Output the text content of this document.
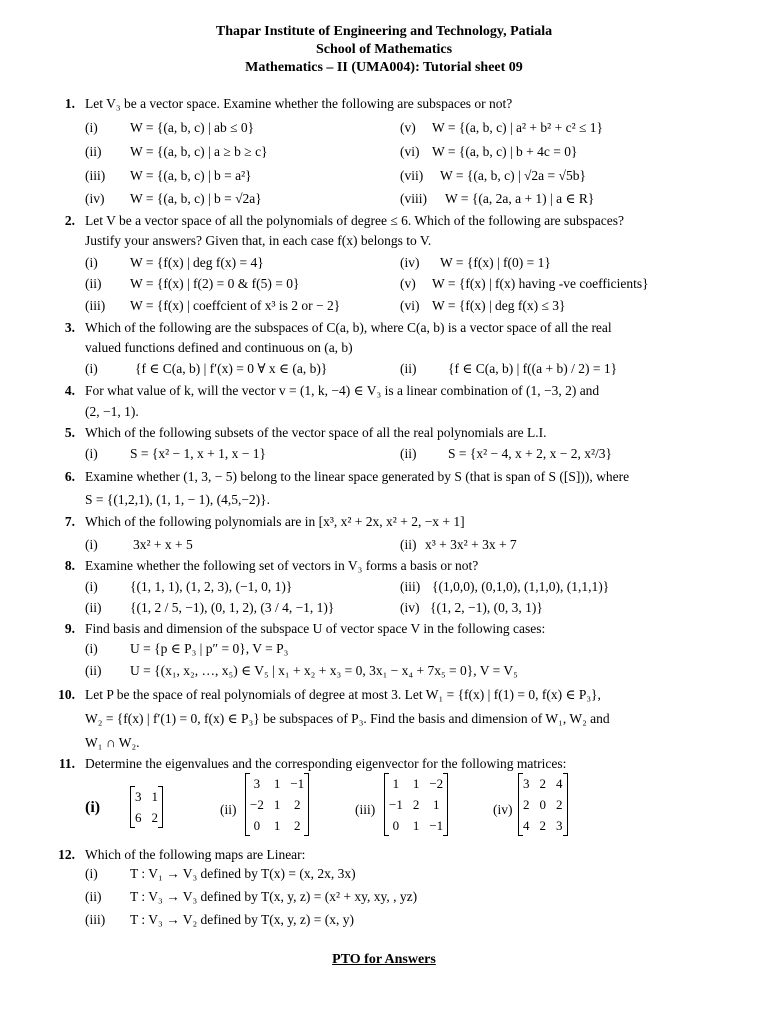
Thapar Institute of Engineering and Technology, Patiala
School of Mathematics
Mathematics – II (UMA004): Tutorial sheet 09
1. Let V₃ be a vector space. Examine whether the following are subspaces or not?
(i) W = {(a, b, c) | ab ≤ 0}
(ii) W = {(a, b, c) | a ≥ b ≥ c}
(iii) W = {(a, b, c) | b = a²}
(iv) W = {(a, b, c) | b = √2a}
(v) W = {(a, b, c) | a² + b² + c² ≤ 1}
(vi) W = {(a, b, c) | b + 4c = 0}
(vii) W = {(a, b, c) | √2a = √5b}
(viii) W = {(a, 2a, a + 1) | a ∈ R}
2. Let V be a vector space of all the polynomials of degree ≤ 6. Which of the following are subspaces?
Justify your answers? Given that, in each case f(x) belongs to V.
(i) W = {f(x) | deg f(x) = 4}
(ii) W = {f(x) | f(2) = 0 & f(5) = 0}
(iii) W = {f(x) | coeffcient of x³ is 2 or − 2}
(iv) W = {f(x) | f(0) = 1}
(v) W = {f(x) | f(x) having -ve coefficients}
(vi) W = {f(x) | deg f(x) ≤ 3}
3. Which of the following are the subspaces of C(a, b), where C(a, b) is a vector space of all the real
valued functions defined and continuous on (a, b)
(i)	{f ∈ C(a, b) | f′(x) = 0 ∀ x ∈ (a, b)}	(ii) {f ∈ C(a, b) | f((a + b) / 2) = 1}
4. For what value of k, will the vector v = (1, k, −4) ∈ V₃ is a linear combination of (1, −3, 2) and
(2, −1, 1).
5. Which of the following subsets of the vector space of all the real polynomials are L.I.
(i) S = {x² − 1, x + 1, x − 1}	(ii) S = {x² − 4, x + 2, x − 2, x²/3}
6. Examine whether (1, 3, − 5) belong to the linear space generated by S (that is span of S ([S])), where
S = {(1,2,1), (1, 1, − 1), (4,5,−2)}.
7. Which of the following polynomials are in [x³, x² + 2x, x² + 2, −x + 1]
(i)	3x² + x + 5	(ii) x³ + 3x² + 3x + 7
8. Examine whether the following set of vectors in V₃ forms a basis or not?
(i) {(1, 1, 1), (1, 2, 3), (−1, 0, 1)}
(ii) {(1, 2 / 5, −1), (0, 1, 2), (3 / 4, −1, 1)}
(iii) {(1,0,0), (0,1,0), (1,1,0), (1,1,1)}
(iv) {(1, 2, −1), (0, 3, 1)}
9. Find basis and dimension of the subspace U of vector space V in the following cases:
(i) U = {p ∈ P₃ | p″ = 0}, V = P₃
(ii) U = {(x₁, x₂, …, x₅) ∈ V₅ | x₁ + x₂ + x₃ = 0, 3x₁ − x₄ + 7x₅ = 0}, V = V₅
10. Let P be the space of real polynomials of degree at most 3. Let W₁ = {f(x) | f(1) = 0, f(x) ∈ P₃},
W₂ = {f(x) | f′(1) = 0, f(x) ∈ P₃} be subspaces of P₃. Find the basis and dimension of W₁, W₂ and
W₁ ∩ W₂.
11. Determine the eigenvalues and the corresponding eigenvector for the following matrices:
(i)	(ii)	(iii)	(iv)
3	1
6	2
3	1	−1
−2	1	2
0	1	2
1	1	−2
−1	2	1
0	1	−1
3	2	4
2	0	2
4	2	3
12. Which of the following maps are Linear:
(i) T : V₁ → V₃ defined by T(x) = (x, 2x, 3x)
(ii) T : V₃ → V₃ defined by T(x, y, z) = (x² + xy, xy, , yz)
(iii) T : V₃ → V₂ defined by T(x, y, z) = (x, y)
PTO for Answers
